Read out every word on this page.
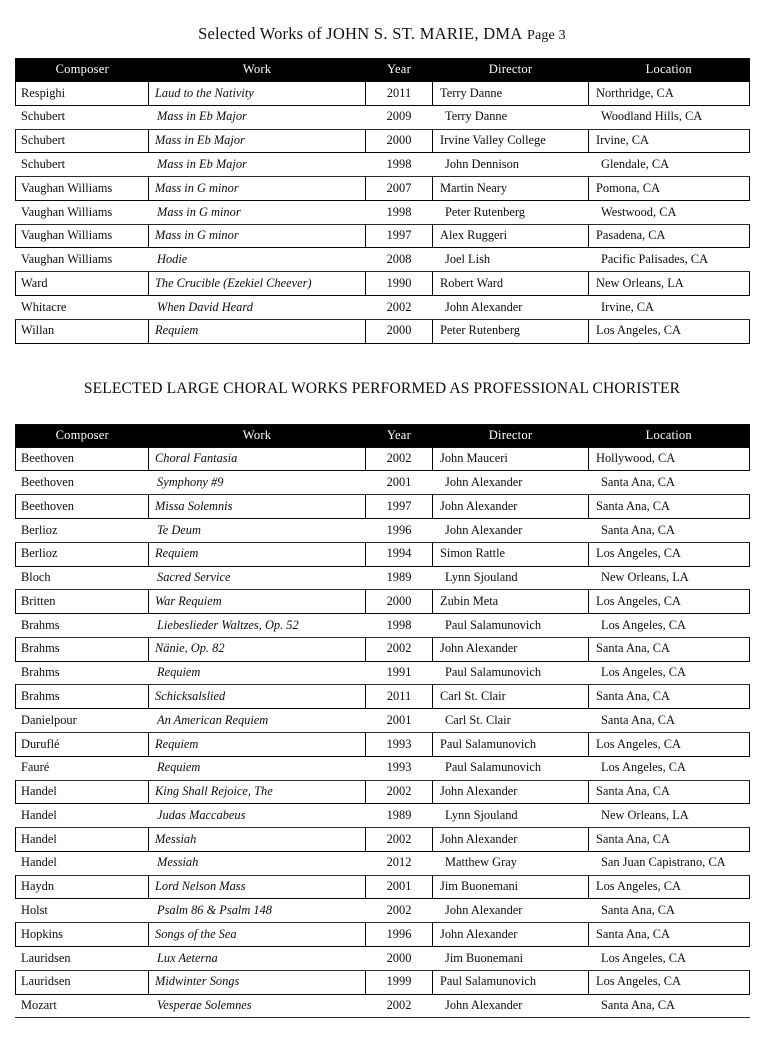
Selected Works of JOHN S. ST. MARIE, DMA Page 3
Composer	Work	Year	Director	Location
Respighi	Laud to the Nativity	2011	Terry Danne	Northridge, CA
Schubert	Mass in Eb Major	2009	Terry Danne	Woodland Hills, CA
Schubert	Mass in Eb Major	2000	Irvine Valley College	Irvine, CA
Schubert	Mass in Eb Major	1998	John Dennison	Glendale, CA
Vaughan Williams	Mass in G minor	2007	Martin Neary	Pomona, CA
Vaughan Williams	Mass in G minor	1998	Peter Rutenberg	Westwood, CA
Vaughan Williams	Mass in G minor	1997	Alex Ruggeri	Pasadena, CA
Vaughan Williams	Hodie	2008	Joel Lish	Pacific Palisades, CA
Ward	The Crucible (Ezekiel Cheever)	1990	Robert Ward	New Orleans, LA
Whitacre	When David Heard	2002	John Alexander	Irvine, CA
Willan	Requiem	2000	Peter Rutenberg	Los Angeles, CA
SELECTED LARGE CHORAL WORKS PERFORMED AS PROFESSIONAL CHORISTER
Composer	Work	Year	Director	Location
Beethoven	Choral Fantasia	2002	John Mauceri	Hollywood, CA
Beethoven	Symphony #9	2001	John Alexander	Santa Ana, CA
Beethoven	Missa Solemnis	1997	John Alexander	Santa Ana, CA
Berlioz	Te Deum	1996	John Alexander	Santa Ana, CA
Berlioz	Requiem	1994	Simon Rattle	Los Angeles, CA
Bloch	Sacred Service	1989	Lynn Sjouland	New Orleans, LA
Britten	War Requiem	2000	Zubin Meta	Los Angeles, CA
Brahms	Liebeslieder Waltzes, Op. 52	1998	Paul Salamunovich	Los Angeles, CA
Brahms	Nänie, Op. 82	2002	John Alexander	Santa Ana, CA
Brahms	Requiem	1991	Paul Salamunovich	Los Angeles, CA
Brahms	Schicksalslied	2011	Carl St. Clair	Santa Ana, CA
Danielpour	An American Requiem	2001	Carl St. Clair	Santa Ana, CA
Duruflé	Requiem	1993	Paul Salamunovich	Los Angeles, CA
Fauré	Requiem	1993	Paul Salamunovich	Los Angeles, CA
Handel	King Shall Rejoice, The	2002	John Alexander	Santa Ana, CA
Handel	Judas Maccabeus	1989	Lynn Sjouland	New Orleans, LA
Handel	Messiah	2002	John Alexander	Santa Ana, CA
Handel	Messiah	2012	Matthew Gray	San Juan Capistrano, CA
Haydn	Lord Nelson Mass	2001	Jim Buonemani	Los Angeles, CA
Holst	Psalm 86 & Psalm 148	2002	John Alexander	Santa Ana, CA
Hopkins	Songs of the Sea	1996	John Alexander	Santa Ana, CA
Lauridsen	Lux Aeterna	2000	Jim Buonemani	Los Angeles, CA
Lauridsen	Midwinter Songs	1999	Paul Salamunovich	Los Angeles, CA
Mozart	Vesperae Solemnes	2002	John Alexander	Santa Ana, CA
